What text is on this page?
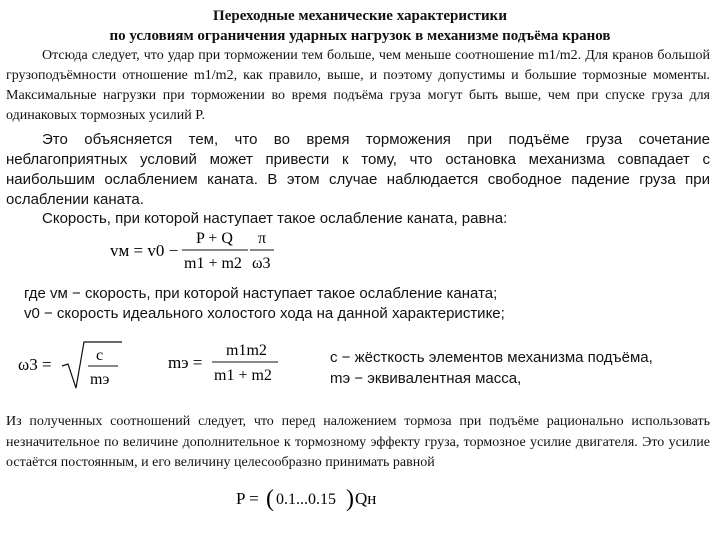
Переходные механические характеристики
по условиям ограничения ударных нагрузок в механизме подъёма кранов

Отсюда следует, что удар при торможении тем больше, чем меньше соотношение m1/m2. Для кранов большой грузоподъёмности отношение m1/m2, как правило, выше, и поэтому допустимы и большие тормозные моменты. Максимальные нагрузки при торможении во время подъёма груза могут быть выше, чем при спуске груза для одинаковых тормозных усилий P.

Это объясняется тем, что во время торможения при подъёме груза сочетание неблагоприятных условий может привести к тому, что остановка механизма совпадает с наибольшим ослаблением каната. В этом случае наблюдается свободное падение груза при ослаблении каната.

Скорость, при которой наступает такое ослабление каната, равна:
vм = v0 −
P + Q
m1 + m2
π
ω3
где vм − скорость, при которой наступает такое ослабление каната;
v0 − скорость идеального холостого хода на данной характеристике;
ω3 =	c
mэ
mэ =
m1m2
m1 + m2
c − жёсткость элементов механизма подъёма,
mэ − эквивалентная масса,

Из полученных соотношений следует, что перед наложением тормоза при подъёме рационально использовать незначительное по величине дополнительное к тормозному эффекту груза, тормозное усилие двигателя. Это усилие остаётся постоянным, и его величину целесообразно принимать равной

P = ( 0.1...0.15 ) Qн
